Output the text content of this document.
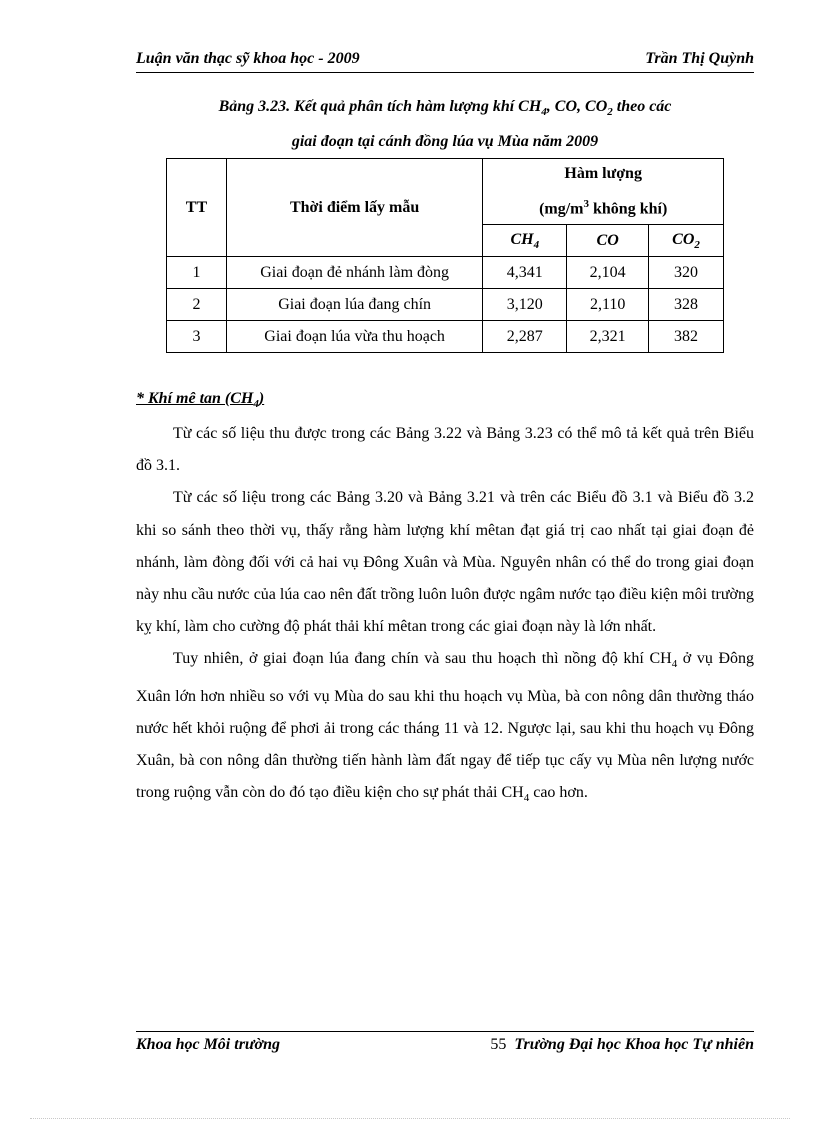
Luận văn thạc sỹ khoa học - 2009	Trần Thị Quỳnh
Bảng 3.23. Kết quả phân tích hàm lượng khí $CH_4$, CO, $CO_2$ theo các
giai đoạn tại cánh đồng lúa vụ Mùa năm 2009
TT	Thời điểm lấy mẫu	Hàm lượng
($mg/m^3$ không khí)		

		$CH_4$	CO	$CO_2$
1	Giai đoạn đẻ nhánh làm đòng	4,341	2,104	320
2	Giai đoạn lúa đang chín	3,120	2,110	328
3	Giai đoạn lúa vừa thu hoạch	2,287	2,321	382
* Khí mê $\tan (CH_4)$

Từ các số liệu thu được trong các Bảng 3.22 và Bảng 3.23 có thể mô tả kết quả trên Biểu đồ 3.1.

Từ các số liệu trong các Bảng 3.20 và Bảng 3.21 và trên các Biểu đồ 3.1 và Biểu đồ 3.2 khi so sánh theo thời vụ, thấy rằng hàm lượng khí mêtan đạt giá trị cao nhất tại giai đoạn đẻ nhánh, làm đòng đối với cả hai vụ Đông Xuân và Mùa. Nguyên nhân có thể do trong giai đoạn này nhu cầu nước của lúa cao nên đất trồng luôn luôn được ngâm nước tạo điều kiện môi trường kỵ khí, làm cho cường độ phát thải khí mêtan trong các giai đoạn này là lớn nhất.

Tuy nhiên, ở giai đoạn lúa đang chín và sau thu hoạch thì nồng độ khí $CH_4$ ở vụ Đông Xuân lớn hơn nhiều so với vụ Mùa do sau khi thu hoạch vụ Mùa, bà con nông dân thường tháo nước hết khỏi ruộng để phơi ải trong các tháng 11 và 12. Ngược lại, sau khi thu hoạch vụ Đông Xuân, bà con nông dân thường tiến hành làm đất ngay để tiếp tục cấy vụ Mùa nên lượng nước trong ruộng vẫn còn do đó tạo điều kiện cho sự phát thải $CH_4$ cao hơn.

Khoa học Môi trường	55 Trường Đại học Khoa học Tự nhiên
